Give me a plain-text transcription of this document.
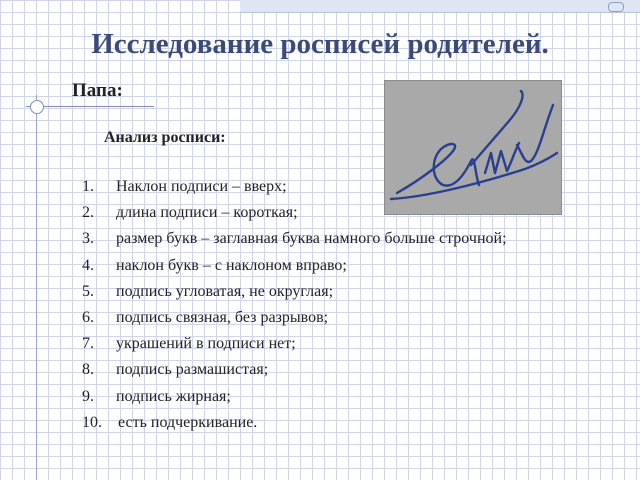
Исследование росписей родителей.
Папа:
Анализ росписи:
1.	Наклон подписи – вверх;
2.	длина подписи – короткая;
3.	размер букв – заглавная буква намного больше строчной;
4.	наклон букв – с наклоном вправо;
5.	подпись угловатая, не округлая;
6.	подпись связная, без разрывов;
7.	украшений в подписи нет;
8.	подпись размашистая;
9.	подпись жирная;
10.	есть подчеркивание.
